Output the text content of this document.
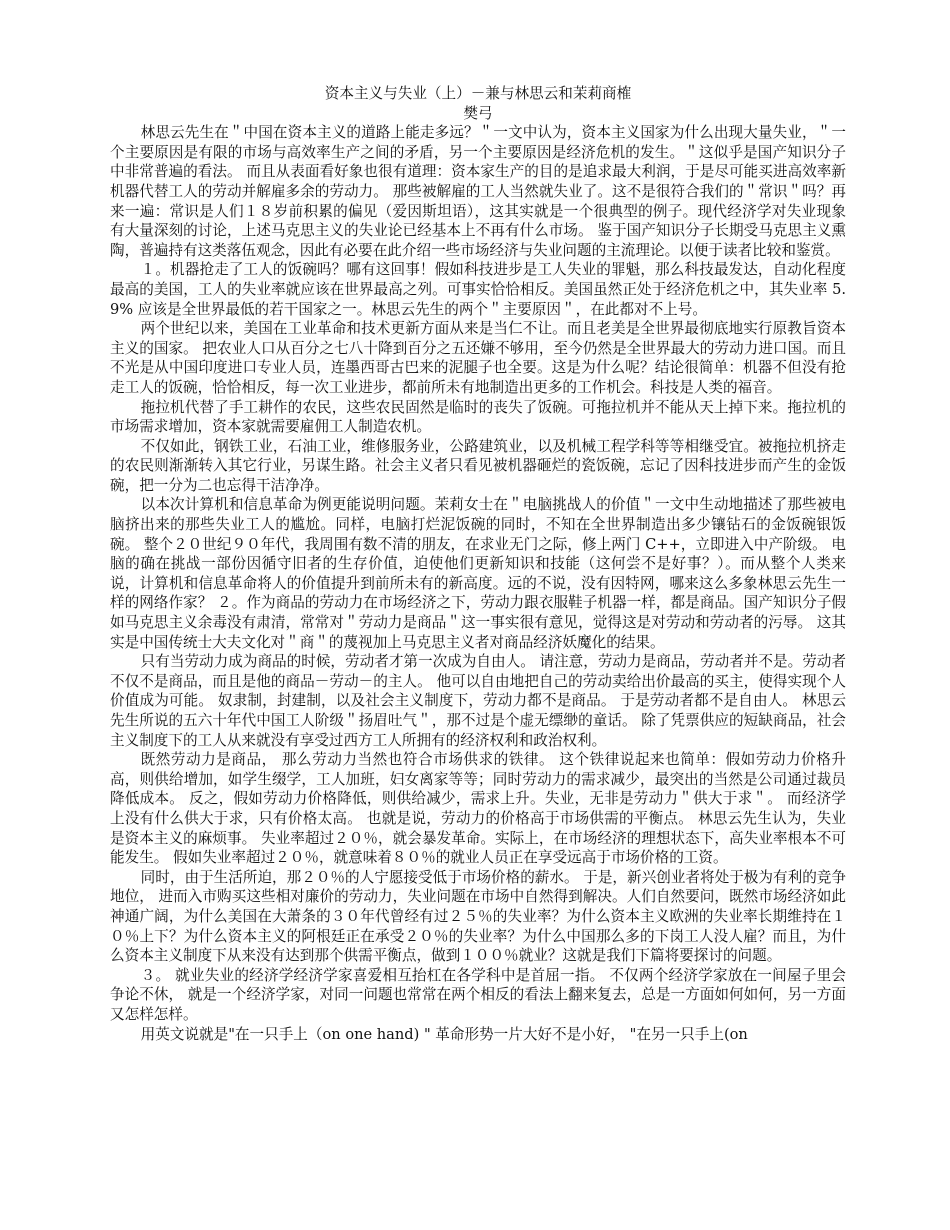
资本主义与失业（上）－兼与林思云和茉莉商榷

樊弓

林思云先生在＂中国在资本主义的道路上能走多远？＂一文中认为，资本主义国家为什么出现大量失业，＂一个主要原因是有限的市场与高效率生产之间的矛盾，另一个主要原因是经济危机的发生。＂这似乎是国产知识分子中非常普遍的看法。 而且从表面看好象也很有道理：资本家生产的目的是追求最大利润，于是尽可能买进高效率新机器代替工人的劳动并解雇多余的劳动力。 那些被解雇的工人当然就失业了。这不是很符合我们的＂常识＂吗？再来一遍：常识是人们１８岁前积累的偏见（爱因斯坦语），这其实就是一个很典型的例子。现代经济学对失业现象有大量深刻的讨论，上述马克思主义的失业论已经基本上不再有什么市场。 鉴于国产知识分子长期受马克思主义熏陶，普遍持有这类落伍观念，因此有必要在此介绍一些市场经济与失业问题的主流理论。以便于读者比较和鉴赏。

１。机器抢走了工人的饭碗吗？哪有这回事！假如科技进步是工人失业的罪魁，那么科技最发达，自动化程度最高的美国，工人的失业率就应该在世界最高之列。可事实恰恰相反。美国虽然正处于经济危机之中，其失业率 5.9% 应该是全世界最低的若干国家之一。林思云先生的两个＂主要原因＂，在此都对不上号。

两个世纪以来，美国在工业革命和技术更新方面从来是当仁不让。而且老美是全世界最彻底地实行原教旨资本主义的国家。 把农业人口从百分之七八十降到百分之五还嫌不够用，至今仍然是全世界最大的劳动力进口国。而且不光是从中国印度进口专业人员，连墨西哥古巴来的泥腿子也全要。这是为什么呢？结论很简单：机器不但没有抢走工人的饭碗，恰恰相反，每一次工业进步，都前所未有地制造出更多的工作机会。科技是人类的福音。

拖拉机代替了手工耕作的农民，这些农民固然是临时的丧失了饭碗。可拖拉机并不能从天上掉下来。拖拉机的市场需求增加，资本家就需要雇佣工人制造农机。

不仅如此，钢铁工业，石油工业，维修服务业，公路建筑业，以及机械工程学科等等相继受宜。被拖拉机挤走的农民则渐渐转入其它行业，另谋生路。社会主义者只看见被机器砸烂的瓷饭碗，忘记了因科技进步而产生的金饭碗，把一分为二也忘得干洁净净。

以本次计算机和信息革命为例更能说明问题。茉莉女士在＂电脑挑战人的价值＂一文中生动地描述了那些被电脑挤出来的那些失业工人的尴尬。同样，电脑打烂泥饭碗的同时，不知在全世界制造出多少镶钻石的金饭碗银饭碗。 整个２０世纪９０年代，我周围有数不清的朋友，在求业无门之际，修上两门 C++，立即进入中产阶级。 电脑的确在挑战一部份因循守旧者的生存价值，迫使他们更新知识和技能（这何尝不是好事？）。而从整个人类来说，计算机和信息革命将人的价值提升到前所未有的新高度。远的不说，没有因特网，哪来这么多象林思云先生一样的网络作家？ ２。作为商品的劳动力在市场经济之下，劳动力跟衣服鞋子机器一样，都是商品。国产知识分子假如马克思主义余毒没有肃清，常常对＂劳动力是商品＂这一事实很有意见，觉得这是对劳动和劳动者的污辱。 这其实是中国传统士大夫文化对＂商＂的蔑视加上马克思主义者对商品经济妖魔化的结果。

只有当劳动力成为商品的时候，劳动者才第一次成为自由人。 请注意，劳动力是商品，劳动者并不是。劳动者不仅不是商品，而且是他的商品－劳动－的主人。 他可以自由地把自己的劳动卖给出价最高的买主，使得实现个人价值成为可能。 奴隶制，封建制，以及社会主义制度下，劳动力都不是商品。 于是劳动者都不是自由人。 林思云先生所说的五六十年代中国工人阶级＂扬眉吐气＂，那不过是个虚无缥缈的童话。 除了凭票供应的短缺商品，社会主义制度下的工人从来就没有享受过西方工人所拥有的经济权利和政治权利。

既然劳动力是商品， 那么劳动力当然也符合市场供求的铁律。 这个铁律说起来也简单：假如劳动力价格升高，则供给增加，如学生缀学，工人加班，妇女离家等等；同时劳动力的需求减少，最突出的当然是公司通过裁员降低成本。 反之，假如劳动力价格降低，则供给减少，需求上升。失业，无非是劳动力＂供大于求＂。 而经济学上没有什么供大于求，只有价格太高。 也就是说，劳动力的价格高于市场供需的平衡点。 林思云先生认为，失业是资本主义的麻烦事。 失业率超过２０％，就会暴发革命。实际上，在市场经济的理想状态下，高失业率根本不可能发生。 假如失业率超过２０％，就意味着８０％的就业人员正在享受远高于市场价格的工资。

同时，由于生活所迫，那２０％的人宁愿接受低于市场价格的薪水。 于是，新兴创业者将处于极为有利的竞争地位， 进而入市购买这些相对廉价的劳动力，失业问题在市场中自然得到解决。人们自然要问，既然市场经济如此神通广阔，为什么美国在大萧条的３０年代曾经有过２５％的失业率？为什么资本主义欧洲的失业率长期维持在１０％上下？为什么资本主义的阿根廷正在承受２０％的失业率？为什么中国那么多的下岗工人没人雇？而且，为什么资本主义制度下从来没有达到那个供需平衡点，做到１００％就业？这就是我们下篇将要探讨的问题。

３。 就业失业的经济学经济学家喜爱相互抬杠在各学科中是首屈一指。 不仅两个经济学家放在一间屋子里会争论不休， 就是一个经济学家，对同一问题也常常在两个相反的看法上翻来复去，总是一方面如何如何，另一方面又怎样怎样。

用英文说就是"在一只手上（on one hand) " 革命形势一片大好不是小好， "在另一只手上(on
